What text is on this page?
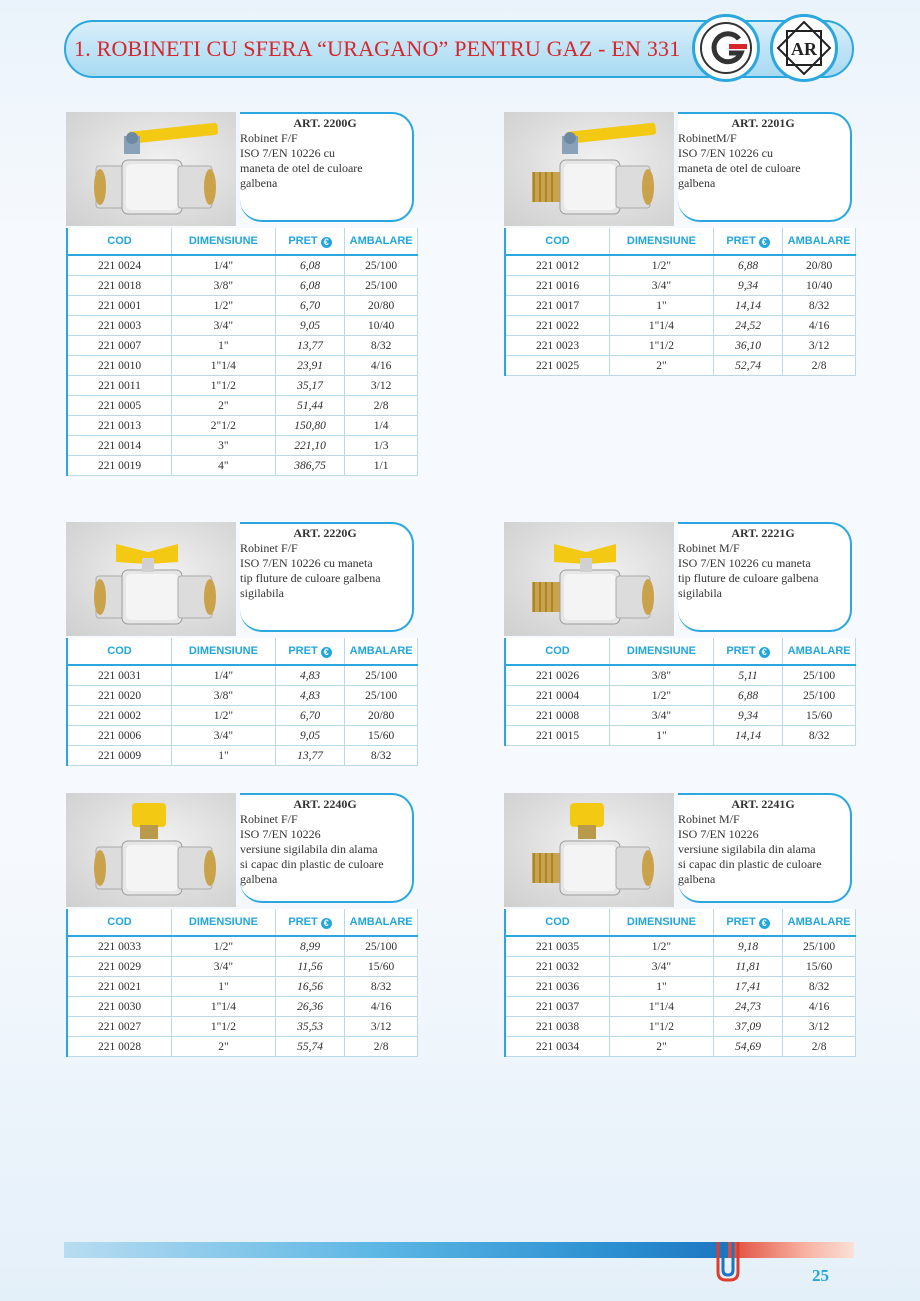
1. ROBINETI CU SFERA “URAGANO” PENTRU GAZ - EN 331	AR
ART. 2200G
Robinet F/F
ISO 7/EN 10226 cu
maneta de otel de culoare
galbena
COD	DIMENSIUNE	PRET €	AMBALARE
221 0024	1/4"	6,08	25/100
221 0018	3/8"	6,08	25/100
221 0001	1/2"	6,70	20/80
221 0003	3/4"	9,05	10/40
221 0007	1"	13,77	8/32
221 0010	1"1/4	23,91	4/16
221 0011	1"1/2	35,17	3/12
221 0005	2"	51,44	2/8
221 0013	2"1/2	150,80	1/4
221 0014	3"	221,10	1/3
221 0019	4"	386,75	1/1
ART. 2201G
RobinetM/F
ISO 7/EN 10226 cu
maneta de otel de culoare
galbena
COD	DIMENSIUNE	PRET €	AMBALARE
221 0012	1/2"	6,88	20/80
221 0016	3/4"	9,34	10/40
221 0017	1"	14,14	8/32
221 0022	1"1/4	24,52	4/16
221 0023	1"1/2	36,10	3/12
221 0025	2"	52,74	2/8
ART. 2220G
Robinet F/F
ISO 7/EN 10226 cu maneta
tip fluture de culoare galbena
sigilabila
COD	DIMENSIUNE	PRET €	AMBALARE
221 0031	1/4"	4,83	25/100
221 0020	3/8"	4,83	25/100
221 0002	1/2"	6,70	20/80
221 0006	3/4"	9,05	15/60
221 0009	1"	13,77	8/32
ART. 2221G
Robinet M/F
ISO 7/EN 10226 cu maneta
tip fluture de culoare galbena
sigilabila
COD	DIMENSIUNE	PRET €	AMBALARE
221 0026	3/8"	5,11	25/100
221 0004	1/2"	6,88	25/100
221 0008	3/4"	9,34	15/60
221 0015	1"	14,14	8/32
ART. 2240G
Robinet F/F
ISO 7/EN 10226
versiune sigilabila din alama
si capac din plastic de culoare
galbena
COD	DIMENSIUNE	PRET €	AMBALARE
221 0033	1/2"	8,99	25/100
221 0029	3/4"	11,56	15/60
221 0021	1"	16,56	8/32
221 0030	1"1/4	26,36	4/16
221 0027	1"1/2	35,53	3/12
221 0028	2"	55,74	2/8
ART. 2241G
Robinet M/F
ISO 7/EN 10226
versiune sigilabila din alama
si capac din plastic de culoare
galbena
COD	DIMENSIUNE	PRET €	AMBALARE
221 0035	1/2"	9,18	25/100
221 0032	3/4"	11,81	15/60
221 0036	1"	17,41	8/32
221 0037	1"1/4	24,73	4/16
221 0038	1"1/2	37,09	3/12
221 0034	2"	54,69	2/8
25
